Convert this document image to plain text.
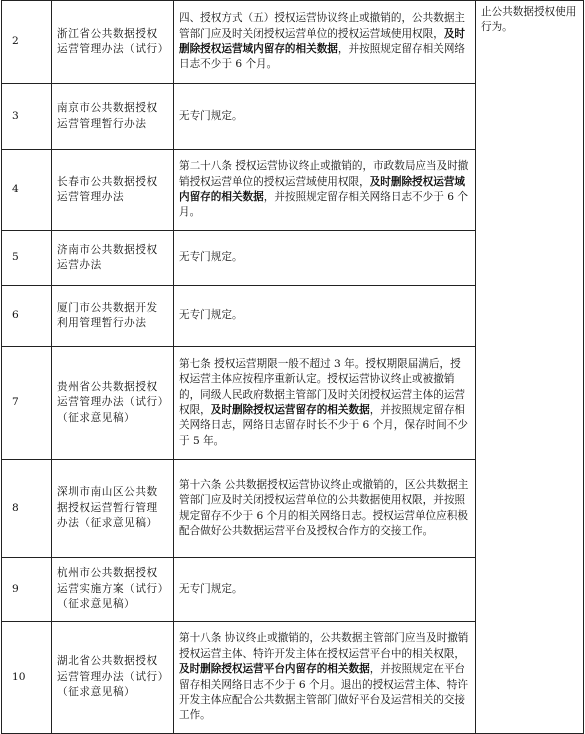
2	浙江省公共数据授权运营管理办法（试行）	四、授权方式（五）授权运营协议终止或撤销的，公共数据主管部门应及时关闭授权运营单位的授权运营域使用权限，及时删除授权运营域内留存的相关数据，并按照规定留存相关网络日志不少于 6 个月。	止公共数据授权使用行为。
3	南京市公共数据授权运营管理暂行办法	无专门规定。	
4	长春市公共数据授权运营管理办法	第二十八条 授权运营协议终止或撤销的，市政数局应当及时撤销授权运营单位的授权运营域使用权限，及时删除授权运营域内留存的相关数据，并按照规定留存相关网络日志不少于 6 个月。	
5	济南市公共数据授权运营办法	无专门规定。	
6	厦门市公共数据开发利用管理暂行办法	无专门规定。	
7	贵州省公共数据授权运营管理办法（试行）（征求意见稿）	第七条 授权运营期限一般不超过 3 年。授权期限届满后，授权运营主体应按程序重新认定。授权运营协议终止或被撤销的，同级人民政府数据主管部门及时关闭授权运营主体的运营权限，及时删除授权运营留存的相关数据，并按照规定留存相关网络日志，网络日志留存时长不少于 6 个月，保存时间不少于 5 年。	
8	深圳市南山区公共数据授权运营暂行管理办法（征求意见稿）	第十六条 公共数据授权运营协议终止或撤销的，区公共数据主管部门应及时关闭授权运营单位的公共数据使用权限，并按照规定留存不少于 6 个月的相关网络日志。授权运营单位应积极配合做好公共数据运营平台及授权合作方的交接工作。	
9	杭州市公共数据授权运营实施方案（试行）（征求意见稿）	无专门规定。	
10	湖北省公共数据授权运营管理办法（试行）（征求意见稿）	第十八条 协议终止或撤销的，公共数据主管部门应当及时撤销授权运营主体、特许开发主体在授权运营平台中的相关权限，及时删除授权运营平台内留存的相关数据，并按照规定在平台留存相关网络日志不少于 6 个月。退出的授权运营主体、特许开发主体应配合公共数据主管部门做好平台及运营相关的交接工作。	
